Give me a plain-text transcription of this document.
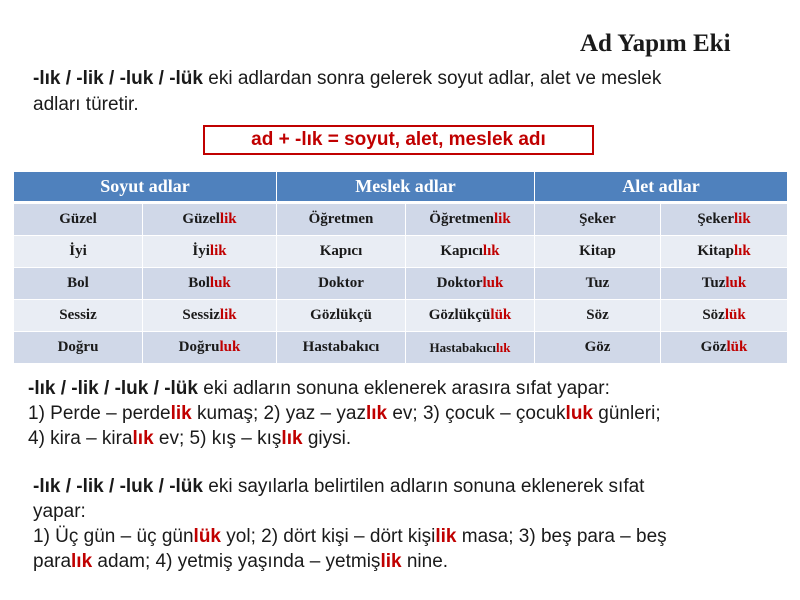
Ad Yapım Eki
-lık / -lik / -luk / -lük eki adlardan sonra gelerek soyut adlar, alet ve meslek
adları türetir.
ad + -lık = soyut, alet, meslek adı
Soyut adlar		Meslek adlar		Alet adlar	
Güzel	Güzellik	Öğretmen	Öğretmenlik	Şeker	Şekerlik
İyi	İyilik	Kapıcı	Kapıcılık	Kitap	Kitaplık
Bol	Bolluk	Doktor	Doktorluk	Tuz	Tuzluk
Sessiz	Sessizlik	Gözlükçü	Gözlükçülük	Söz	Sözlük
Doğru	Doğruluk	Hastabakıcı	Hastabakıcılık	Göz	Gözlük
-lık / -lik / -luk / -lük eki adların sonuna eklenerek arasıra sıfat yapar:
1) Perde – perdelik kumaş; 2) yaz – yazlık ev; 3) çocuk – çocukluk günleri;
4) kira – kiralık ev; 5) kış – kışlık giysi.
-lık / -lik / -luk / -lük eki sayılarla belirtilen adların sonuna eklenerek sıfat
yapar:
1) Üç gün – üç günlük yol; 2) dört kişi – dört kişilik masa; 3) beş para – beş
paralık adam; 4) yetmiş yaşında – yetmişlik nine.
